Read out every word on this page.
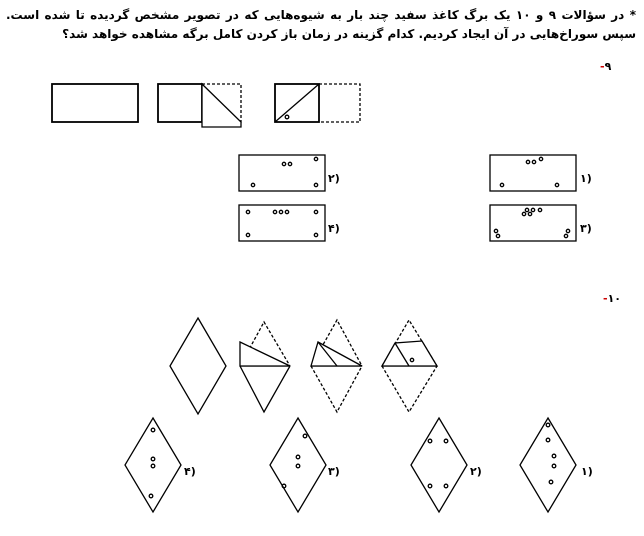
* در سؤالات ۹ و ۱۰ یک برگ کاغذ سفید چند بار به شیوه‌هایی که در تصویر مشخص گردیده تا شده است. سپس سوراخ‌هایی در آن ایجاد کردیم. کدام گزینه در زمان باز کردن کامل برگه مشاهده خواهد شد؟
-۹
-۱۰
۱)
۲)
۳)
۴)
۱)
۲)
۳)
۴)
